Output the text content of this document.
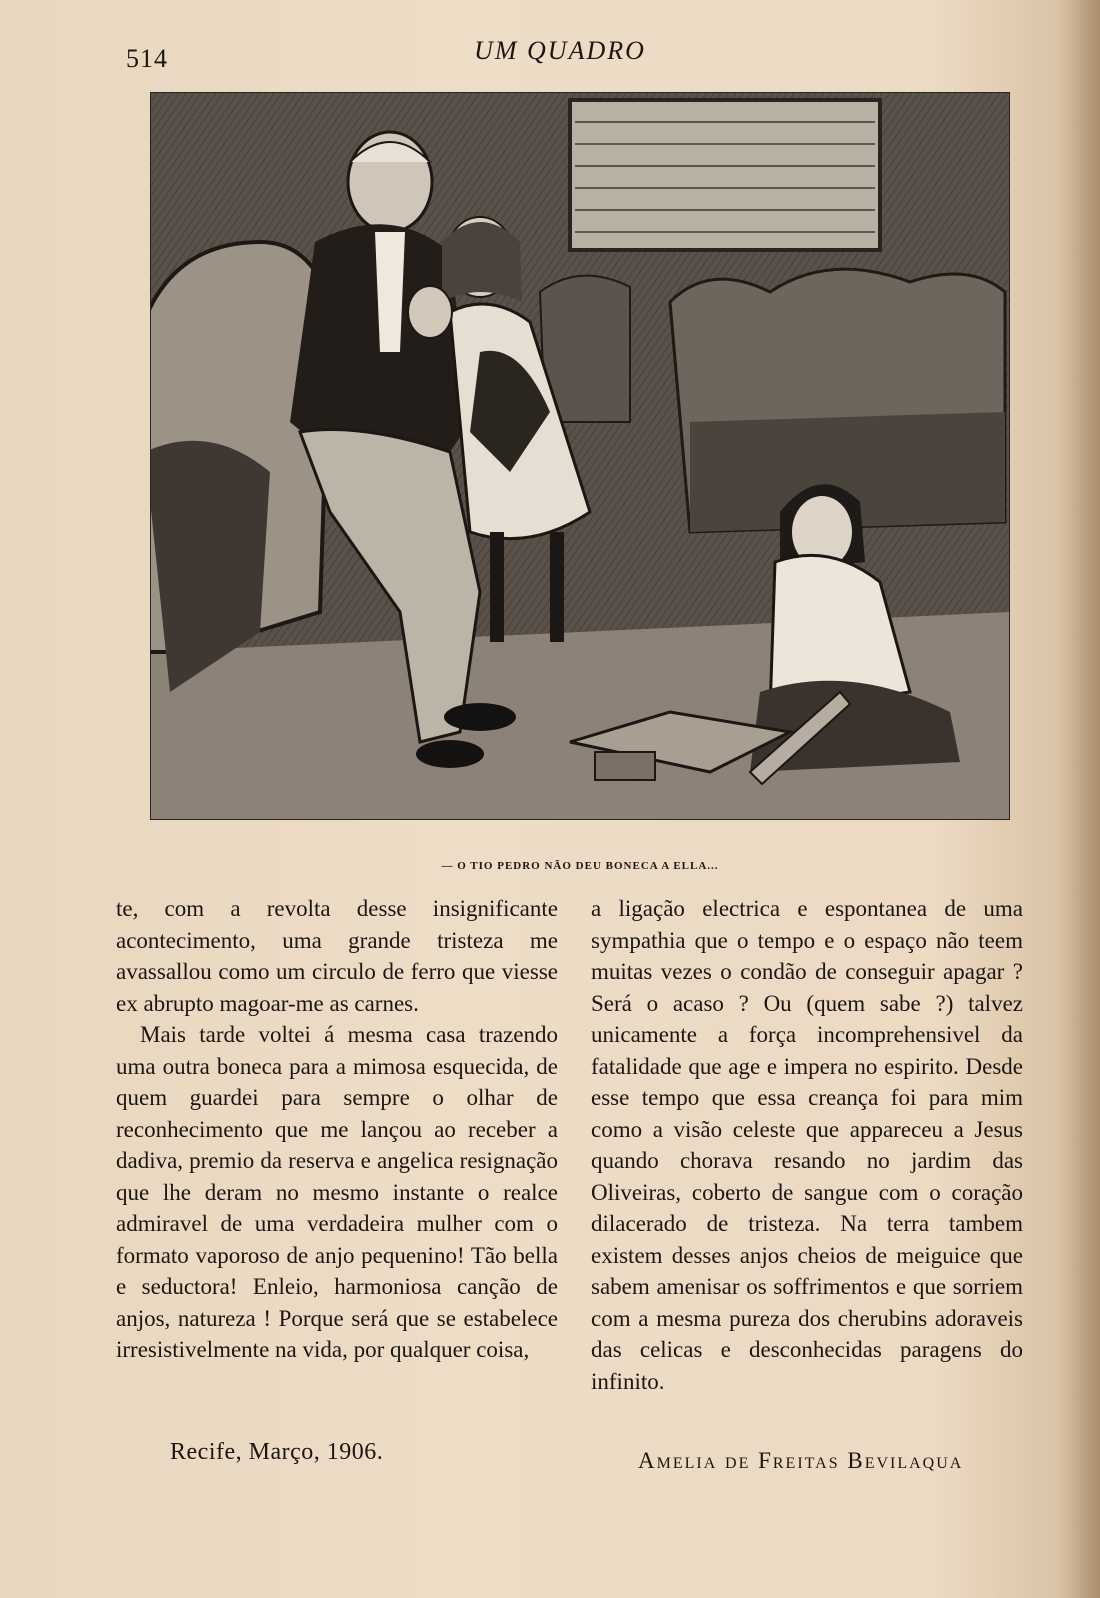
514	UM QUADRO
— O TIO PEDRO NÃO DEU BONECA A ELLA...

te, com a revolta desse insignificante acontecimento, uma grande tristeza me avassallou como um circulo de ferro que viesse ex abrupto magoar-me as carnes.

Mais tarde voltei á mesma casa trazendo uma outra boneca para a mimosa esquecida, de quem guardei para sempre o olhar de reconhecimento que me lançou ao receber a dadiva, premio da reserva e angelica resignação que lhe deram no mesmo instante o realce admiravel de uma verdadeira mulher com o formato vaporoso de anjo pequenino! Tão bella e seductora! Enleio, harmoniosa canção de anjos, natureza ! Porque será que se estabelece irresistivelmente na vida, por qualquer coisa,

a ligação electrica e espontanea de uma sympathia que o tempo e o espaço não teem muitas vezes o condão de conseguir apagar ? Será o acaso ? Ou (quem sabe ?) talvez unicamente a força incomprehensivel da fatalidade que age e impera no espirito. Desde esse tempo que essa creança foi para mim como a visão celeste que appareceu a Jesus quando chorava resando no jardim das Oliveiras, coberto de sangue com o coração dilacerado de tristeza. Na terra tambem existem desses anjos cheios de meiguice que sabem amenisar os soffrimentos e que sorriem com a mesma pureza dos cherubins adoraveis das celicas e desconhecidas paragens do infinito.

Recife, Março, 1906.	Amelia de Freitas Bevilaqua
